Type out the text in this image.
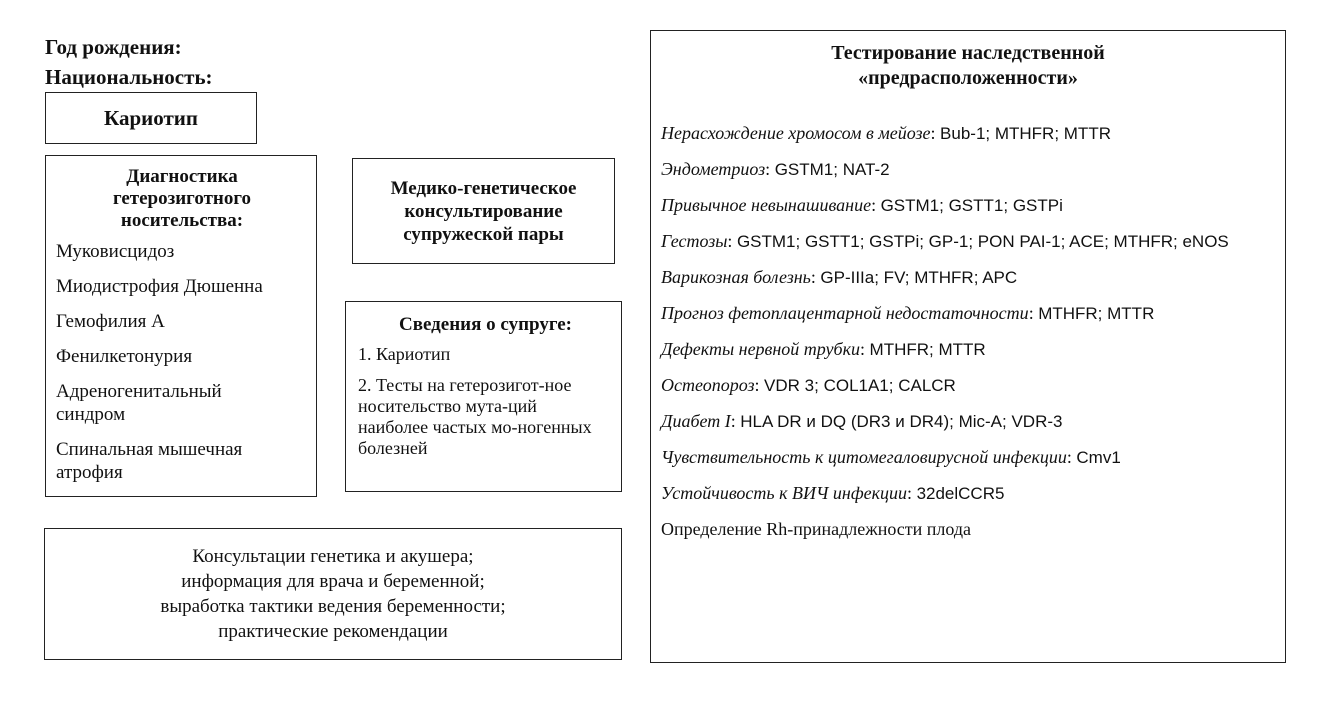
Год рождения:
Национальность:
Кариотип
Диагностика
гетерозиготного
носительства:
Муковисцидоз
Миодистрофия Дюшенна
Гемофилия А
Фенилкетонурия
Адреногенитальный синдром
Спинальная мышечная атрофия
Медико-генетическое
консультирование
супружеской пары
Сведения о супруге:
1. Кариотип
2. Тесты на гетерозигот-ное носительство мута-ций наиболее частых мо-ногенных болезней
Консультации генетика и акушера;
информация для врача и беременной;
выработка тактики ведения беременности;
практические рекомендации
Тестирование наследственной
«предрасположенности»
Нерасхождение хромосом в мейозе: Bub-1; MTHFR; MTTR
Эндометриоз: GSTM1; NAT-2
Привычное невынашивание: GSTM1; GSTT1; GSTPi
Гестозы: GSTM1; GSTT1; GSTPi; GP-1; PON PAI-1; ACE; MTHFR; eNOS
Варикозная болезнь: GP-IIIa; FV; MTHFR; APC
Прогноз фетоплацентарной недостаточности: MTHFR; MTTR
Дефекты нервной трубки: MTHFR; MTTR
Остеопороз: VDR 3; COL1A1; CALCR
Диабет I: HLA DR и DQ (DR3 и DR4); Mic-A; VDR-3
Чувствительность к цитомегаловирусной инфекции: Cmv1
Устойчивость к ВИЧ инфекции: 32delCCR5
Определение Rh-принадлежности плода
